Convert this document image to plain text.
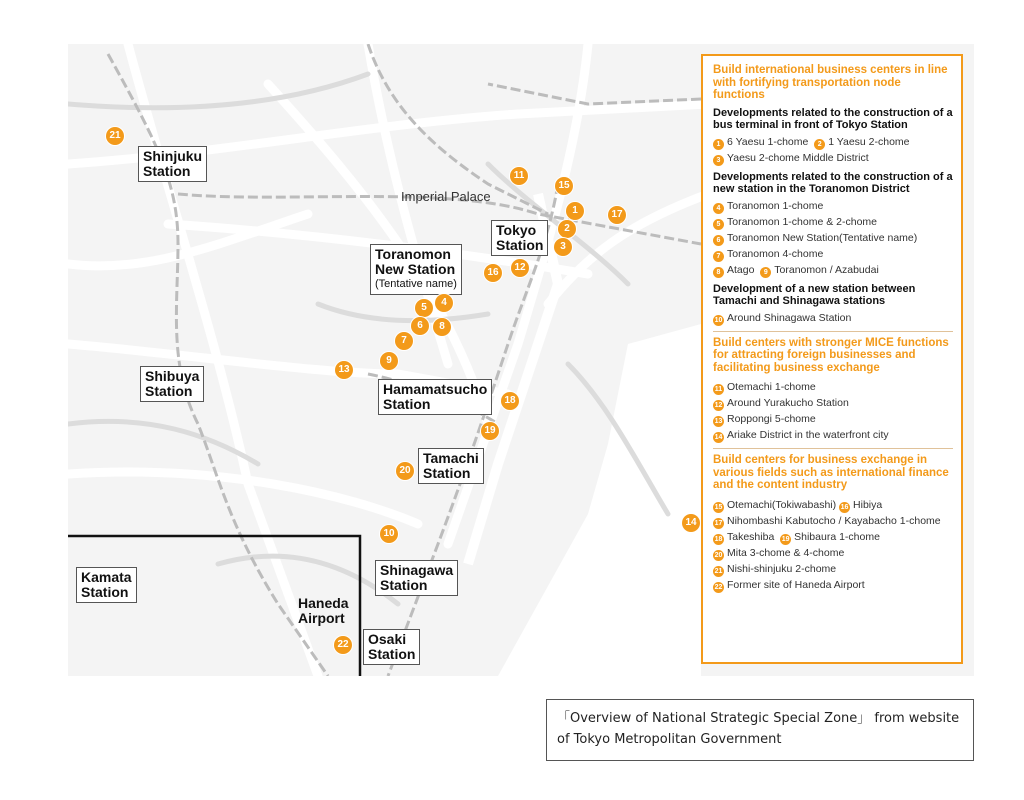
Shinjuku
Station
Shibuya
Station
Tokyo
Station
Toranomon
New Station
(Tentative name)
Hamamatsucho
Station
Tamachi
Station
Shinagawa
Station
Kamata
Station
Haneda
Airport
Osaki
Station
Imperial Palace
1
2
3
4
5
6
7
8
9
10
11
12
13
14
15
16
17
18
19
20
21
22
Build international business centers in line with fortifying transportation node functions
Developments related to the construction of a bus terminal in front of Tokyo Station
1 6 Yaesu 1-chome 2 1 Yaesu 2-chome
3 Yaesu 2-chome Middle District
Developments related to the construction of a new station in the Toranomon District
4 Toranomon 1-chome
5 Toranomon 1-chome & 2-chome
6 Toranomon New Station(Tentative name)
7 Toranomon 4-chome
8 Atago 9 Toranomon / Azabudai
Development of a new station between Tamachi and Shinagawa stations
10 Around Shinagawa Station
Build centers with stronger MICE functions for attracting foreign businesses and facilitating business exchange
11 Otemachi 1-chome
12 Around Yurakucho Station
13 Roppongi 5-chome
14 Ariake District in the waterfront city
Build centers for business exchange in various fields such as international finance and the content industry
15 Otemachi(Tokiwabashi) 16 Hibiya
17 Nihombashi Kabutocho / Kayabacho 1-chome
18 Takeshiba 19 Shibaura 1-chome
20 Mita 3-chome & 4-chome
21 Nishi-shinjuku 2-chome
22 Former site of Haneda Airport
「Overview of National Strategic Special Zone」 from website of Tokyo Metropolitan Government
